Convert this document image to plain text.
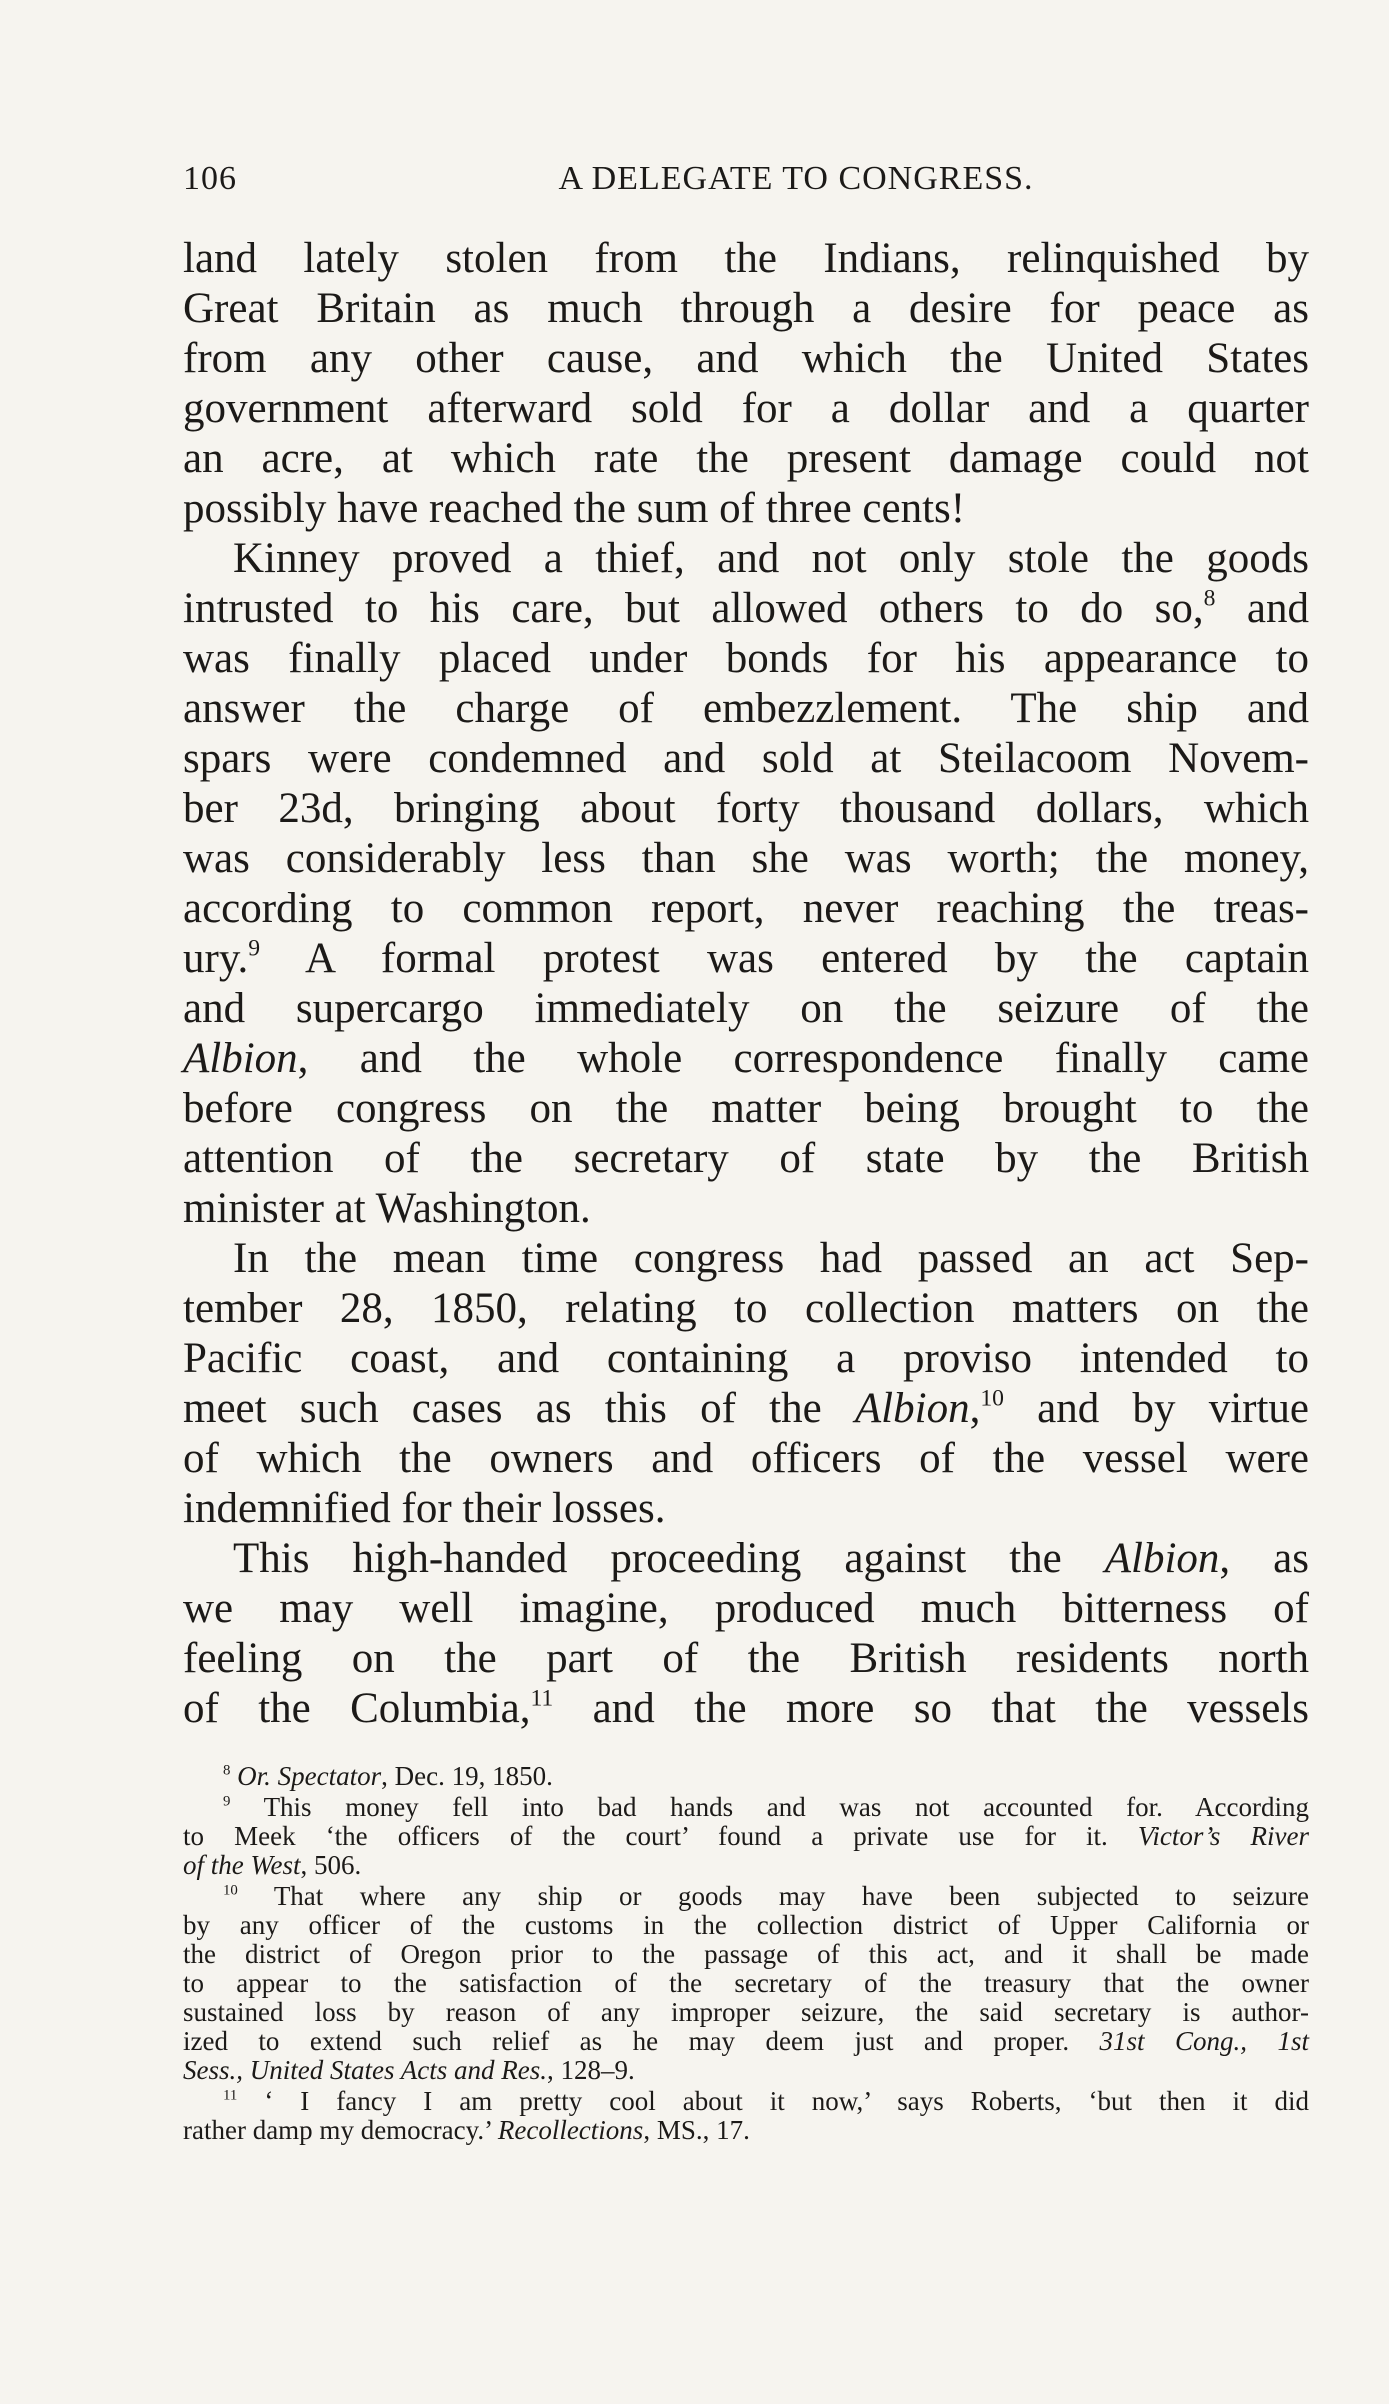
106	A DELEGATE TO CONGRESS.

land lately stolen from the Indians, relinquished by
Great Britain as much through a desire for peace as
from any other cause, and which the United States
government afterward sold for a dollar and a quarter
an acre, at which rate the present damage could not
possibly have reached the sum of three cents!

Kinney proved a thief, and not only stole the goods
intrusted to his care, but allowed others to do so,$^8$ and
was finally placed under bonds for his appearance to
answer the charge of embezzlement. The ship and
spars were condemned and sold at Steilacoom Novem-
ber 23d, bringing about forty thousand dollars, which
was considerably less than she was worth; the money,
according to common report, never reaching the treas-
ury.$^9$ A formal protest was entered by the captain
and supercargo immediately on the seizure of the
Albion, and the whole correspondence finally came
before congress on the matter being brought to the
attention of the secretary of state by the British
minister at Washington.

In the mean time congress had passed an act Sep-
tember 28, 1850, relating to collection matters on the
Pacific coast, and containing a proviso intended to
meet such cases as this of the Albion,$^{10}$ and by virtue
of which the owners and officers of the vessel were
indemnified for their losses.

This high-handed proceeding against the Albion, as
we may well imagine, produced much bitterness of
feeling on the part of the British residents north
of the Columbia,$^{11}$ and the more so that the vessels

$^8$ Or. Spectator, Dec. 19, 1850.
$^9$ This money fell into bad hands and was not accounted for. According
to Meek ‘the officers of the court’ found a private use for it. Victor’s River
of the West, 506.
$^{10}$ That where any ship or goods may have been subjected to seizure
by any officer of the customs in the collection district of Upper California or
the district of Oregon prior to the passage of this act, and it shall be made
to appear to the satisfaction of the secretary of the treasury that the owner
sustained loss by reason of any improper seizure, the said secretary is author-
ized to extend such relief as he may deem just and proper. 31st Cong., 1st
Sess., United States Acts and Res., 128–9.
$^{11}$ ‘ I fancy I am pretty cool about it now,’ says Roberts, ‘but then it did
rather damp my democracy.’ Recollections, MS., 17.
